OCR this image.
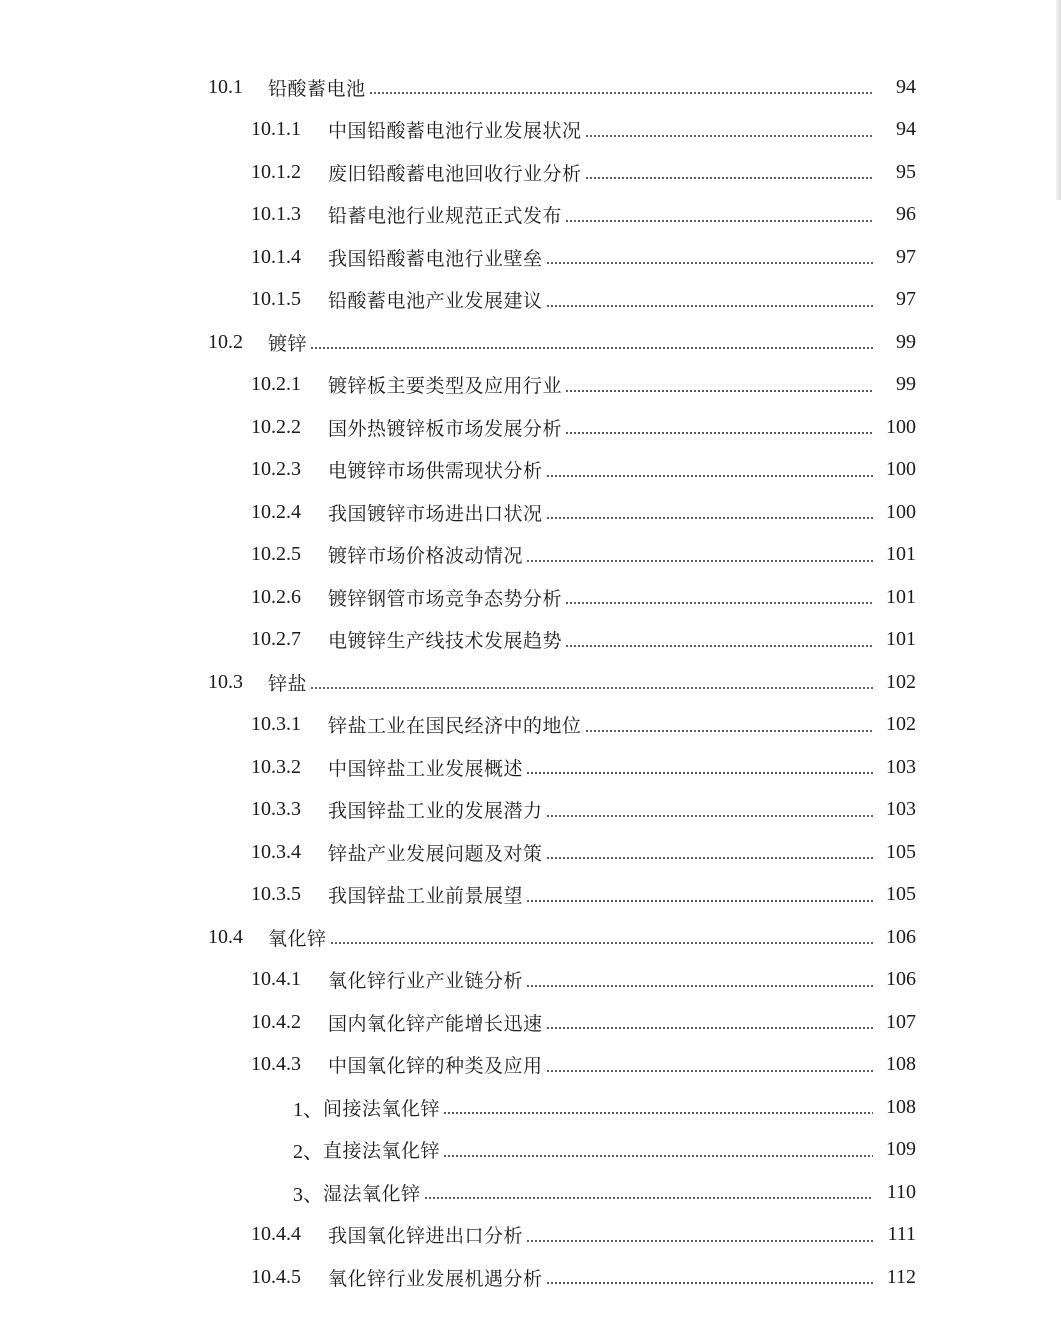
10.1	铅酸蓄电池	94
10.1.1	中国铅酸蓄电池行业发展状况	94
10.1.2	废旧铅酸蓄电池回收行业分析	95
10.1.3	铅蓄电池行业规范正式发布	96
10.1.4	我国铅酸蓄电池行业壁垒	97
10.1.5	铅酸蓄电池产业发展建议	97
10.2	镀锌	99
10.2.1	镀锌板主要类型及应用行业	99
10.2.2	国外热镀锌板市场发展分析	100
10.2.3	电镀锌市场供需现状分析	100
10.2.4	我国镀锌市场进出口状况	100
10.2.5	镀锌市场价格波动情况	101
10.2.6	镀锌钢管市场竞争态势分析	101
10.2.7	电镀锌生产线技术发展趋势	101
10.3	锌盐	102
10.3.1	锌盐工业在国民经济中的地位	102
10.3.2	中国锌盐工业发展概述	103
10.3.3	我国锌盐工业的发展潜力	103
10.3.4	锌盐产业发展问题及对策	105
10.3.5	我国锌盐工业前景展望	105
10.4	氧化锌	106
10.4.1	氧化锌行业产业链分析	106
10.4.2	国内氧化锌产能增长迅速	107
10.4.3	中国氧化锌的种类及应用	108
1、 间接法氧化锌	108
2、 直接法氧化锌	109
3、 湿法氧化锌	110
10.4.4	我国氧化锌进出口分析	111
10.4.5	氧化锌行业发展机遇分析	112
